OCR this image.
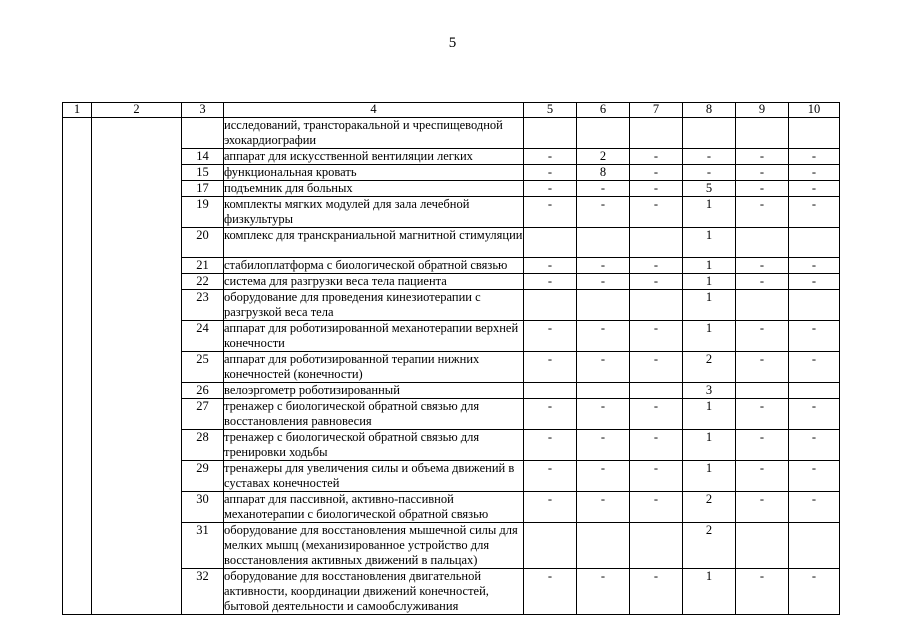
5
1	2	3	4	5	6	7	8	9	10
			исследований, трансторакальной и чреспищеводной эхокардиографии						
		14	аппарат для искусственной вентиляции легких	-	2	-	-	-	-
		15	функциональная кровать	-	8	-	-	-	-
		17	подъемник для больных	-	-	-	5	-	-
		19	комплекты мягких модулей для зала лечебной физкультуры	-	-	-	1	-	-
		20	комплекс для транскраниальной магнитной стимуляции				1		
		21	стабилоплатформа с биологической обратной связью	-	-	-	1	-	-
		22	система для разгрузки веса тела пациента	-	-	-	1	-	-
		23	оборудование для проведения кинезиотерапии с разгрузкой веса тела				1		
		24	аппарат для роботизированной механотерапии верхней конечности	-	-	-	1	-	-
		25	аппарат для роботизированной терапии нижних конечностей (конечности)	-	-	-	2	-	-
		26	велоэргометр роботизированный				3		
		27	тренажер с биологической обратной связью для восстановления равновесия	-	-	-	1	-	-
		28	тренажер с биологической обратной связью для тренировки ходьбы	-	-	-	1	-	-
		29	тренажеры для увеличения силы и объема движений в суставах конечностей	-	-	-	1	-	-
		30	аппарат для пассивной, активно-пассивной механотерапии с биологической обратной связью	-	-	-	2	-	-
		31	оборудование для восстановления мышечной силы для мелких мышц (механизированное устройство для восстановления активных движений в пальцах)				2		
		32	оборудование для восстановления двигательной активности, координации движений конечностей, бытовой деятельности и самообслуживания	-	-	-	1	-	-
